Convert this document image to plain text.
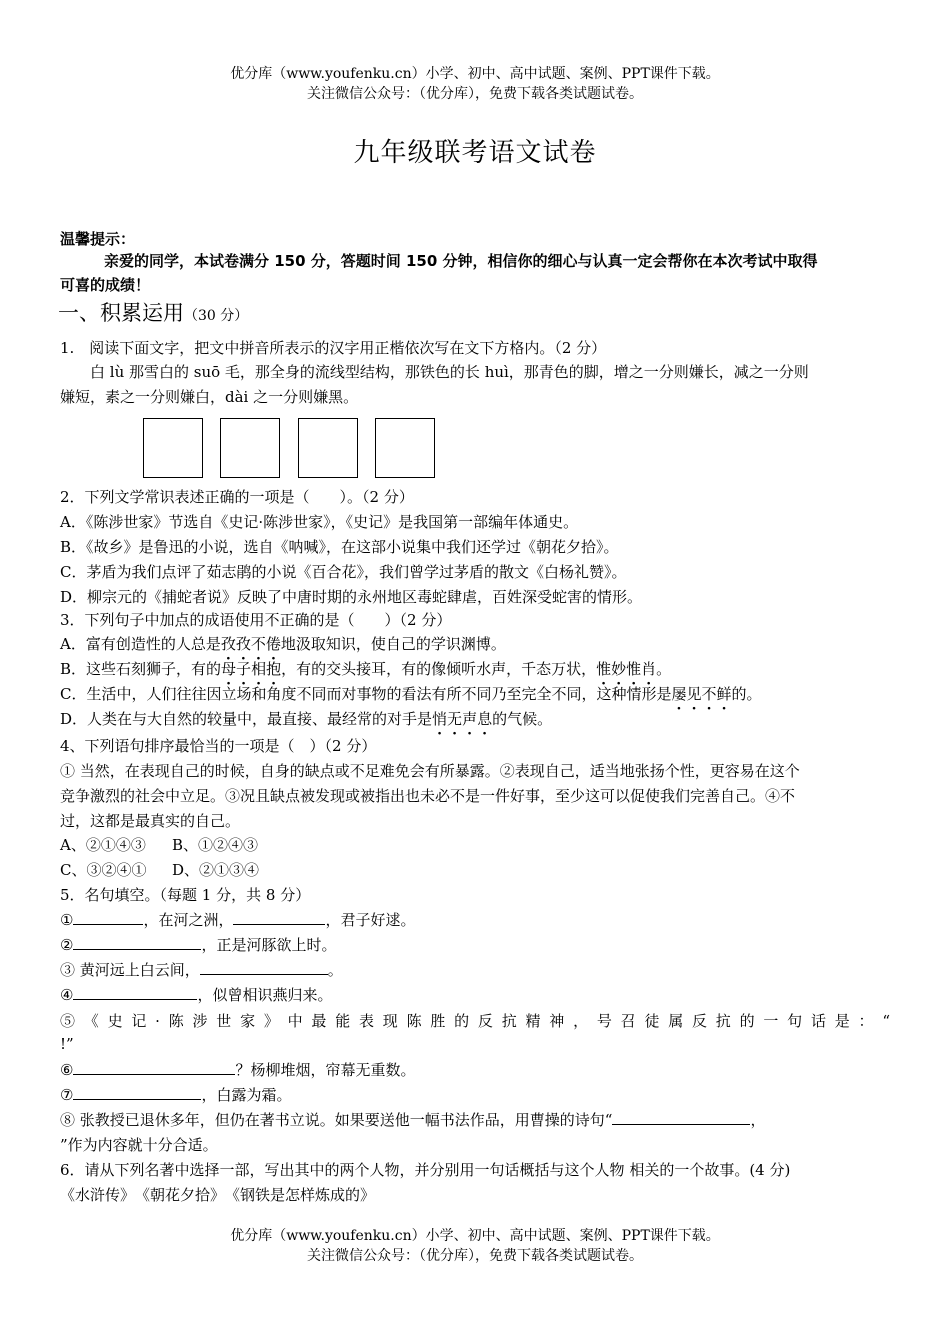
优分库（www.youfenku.cn）小学、初中、高中试题、案例、PPT课件下载。
关注微信公众号：（优分库），免费下载各类试题试卷。
九年级联考语文试卷
温馨提示：
亲爱的同学，本试卷满分 150 分，答题时间 150 分钟，相信你的细心与认真一定会帮你在本次考试中取得
可喜的成绩！
一、积累运用（30 分）
1.　阅读下面文字，把文中拼音所表示的汉字用正楷依次写在文下方格内。（2 分）
白 lù 那雪白的 suō 毛，那全身的流线型结构，那铁色的长 huì，那青色的脚，增之一分则嫌长，减之一分则
嫌短，素之一分则嫌白，dài 之一分则嫌黑。
2．下列文学常识表述正确的一项是（　　）。（2 分）
A．《陈涉世家》节选自《史记·陈涉世家》，《史记》是我国第一部编年体通史。
B．《故乡》是鲁迅的小说，选自《呐喊》，在这部小说集中我们还学过《朝花夕拾》。
C．茅盾为我们点评了茹志鹃的小说《百合花》，我们曾学过茅盾的散文《白杨礼赞》。
D．柳宗元的《捕蛇者说》反映了中唐时期的永州地区毒蛇肆虐，百姓深受蛇害的情形。
3．下列句子中加点的成语使用不正确的是（　　）（2 分）
A．富有创造性的人总是孜孜不倦地汲取知识，使自己的学识渊博。
B．这些石刻狮子，有的母子相抱，有的交头接耳，有的像倾听水声，千态万状，惟妙惟肖。
C．生活中，人们往往因立场和角度不同而对事物的看法有所不同乃至完全不同，这种情形是屡见不鲜的。
D．人类在与大自然的较量中，最直接、最经常的对手是悄无声息的气候。
4、下列语句排序最恰当的一项是（　）（2 分）
① 当然，在表现自己的时候，自身的缺点或不足难免会有所暴露。②表现自己，适当地张扬个性，更容易在这个
竞争激烈的社会中立足。③况且缺点被发现或被指出也未必不是一件好事，至少这可以促使我们完善自己。④不
过，这都是最真实的自己。
A、②①④③ B、①②④③
C、③②④① D、②①③④
5．名句填空。（每题 1 分，共 8 分）
①	，在河之洲，	，君子好逑。
②	，正是河豚欲上时。
③ 黄河远上白云间，	。
④	，似曾相识燕归来。
⑤《史记·陈涉世家》中最能表现陈胜的反抗精神，号召徒属反抗的一句话是：“
!”
⑥	？杨柳堆烟，帘幕无重数。
⑦	，白露为霜。
⑧ 张教授已退休多年，但仍在著书立说。如果要送他一幅书法作品，用曹操的诗句“	，
”作为内容就十分合适。
6．请从下列名著中选择一部，写出其中的两个人物，并分别用一句话概括与这个人物 相关的一个故事。(4 分)
《水浒传》　《朝花夕拾》　《钢铁是怎样炼成的》
优分库（www.youfenku.cn）小学、初中、高中试题、案例、PPT课件下载。
关注微信公众号：（优分库），免费下载各类试题试卷。
